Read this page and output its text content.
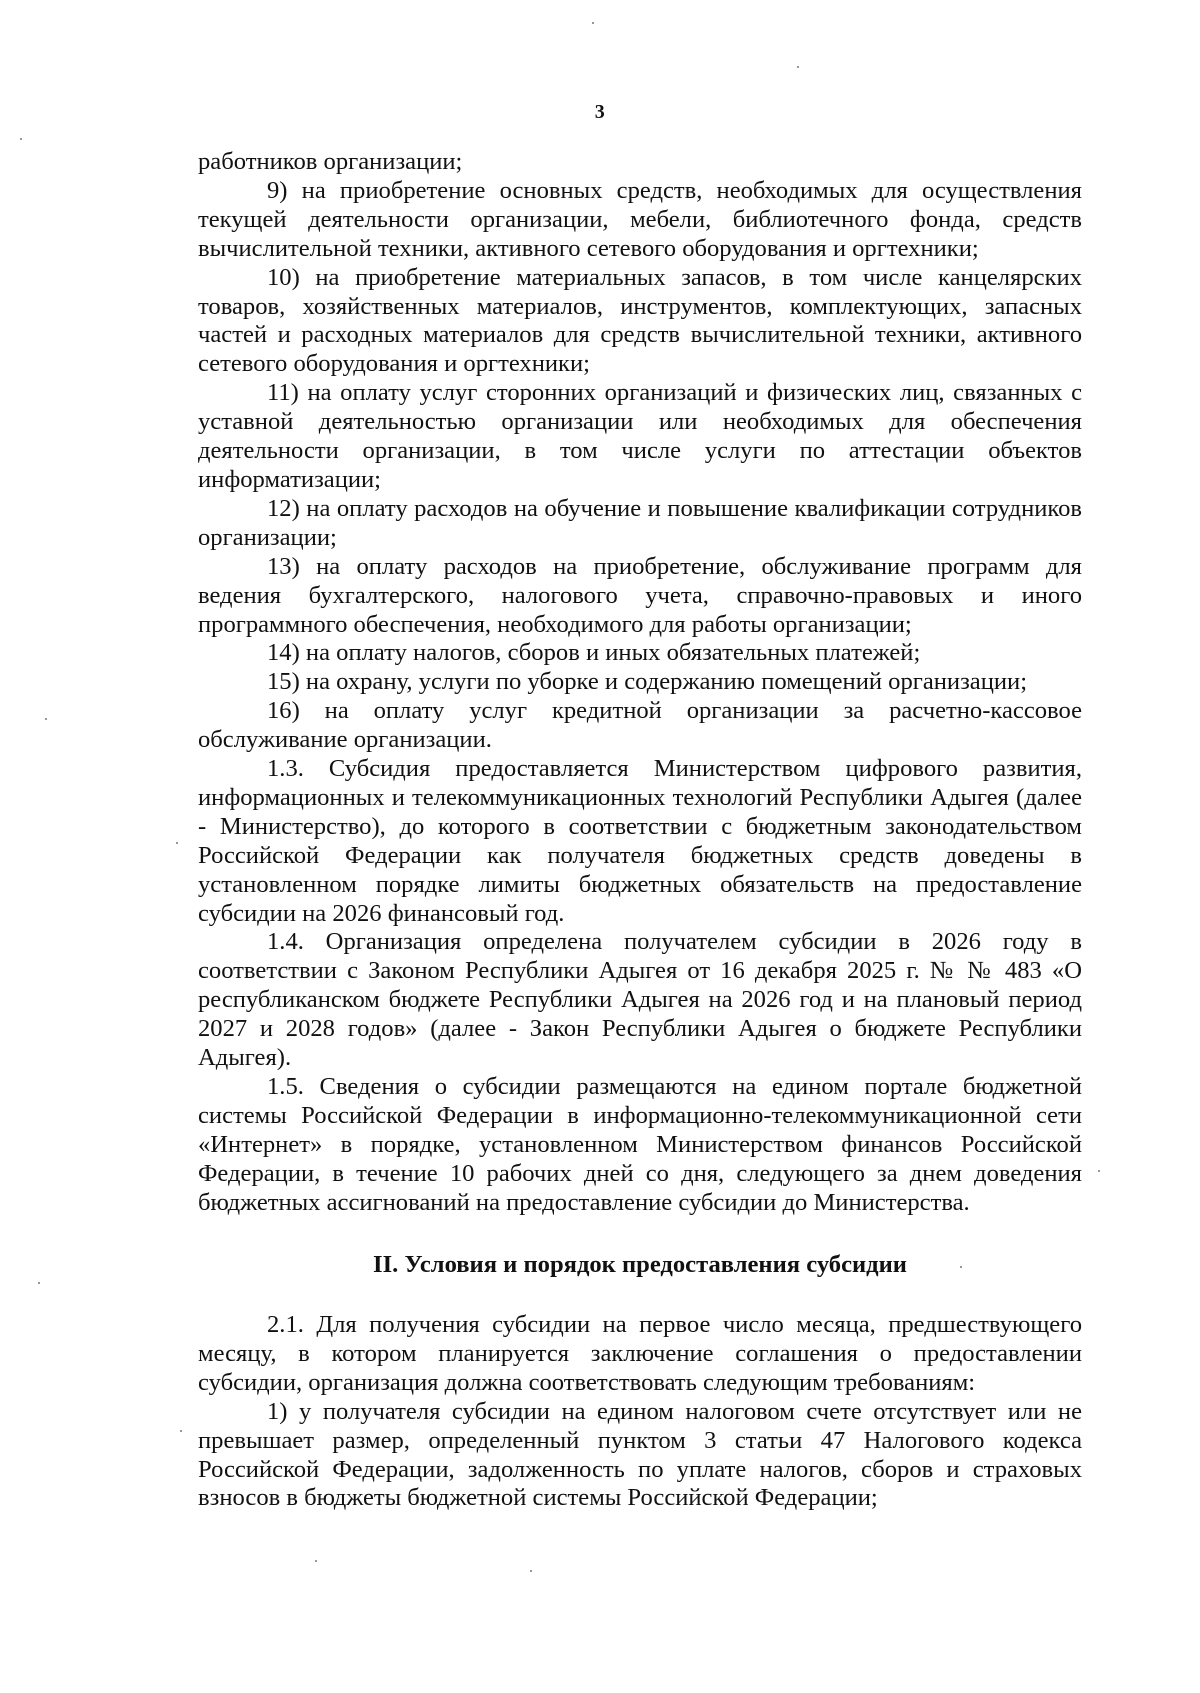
3

работников организации;

9) на приобретение основных средств, необходимых для осуществления текущей деятельности организации, мебели, библиотечного фонда, средств вычислительной техники, активного сетевого оборудования и оргтехники;

10) на приобретение материальных запасов, в том числе канцелярских товаров, хозяйственных материалов, инструментов, комплектующих, запасных частей и расходных материалов для средств вычислительной техники, активного сетевого оборудования и оргтехники;

11) на оплату услуг сторонних организаций и физических лиц, связанных с уставной деятельностью организации или необходимых для обеспечения деятельности организации, в том числе услуги по аттестации объектов информатизации;

12) на оплату расходов на обучение и повышение квалификации сотрудников организации;

13) на оплату расходов на приобретение, обслуживание программ для ведения бухгалтерского, налогового учета, справочно-правовых и иного программного обеспечения, необходимого для работы организации;

14) на оплату налогов, сборов и иных обязательных платежей;

15) на охрану, услуги по уборке и содержанию помещений организации;

16) на оплату услуг кредитной организации за расчетно-кассовое обслуживание организации.

1.3. Субсидия предоставляется Министерством цифрового развития, информационных и телекоммуникационных технологий Республики Адыгея (далее - Министерство), до которого в соответствии с бюджетным законодательством Российской Федерации как получателя бюджетных средств доведены в установленном порядке лимиты бюджетных обязательств на предоставление субсидии на 2026 финансовый год.

1.4. Организация определена получателем субсидии в 2026 году в соответствии с Законом Республики Адыгея от 16 декабря 2025 г. № № 483 «О республиканском бюджете Республики Адыгея на 2026 год и на плановый период 2027 и 2028 годов» (далее - Закон Республики Адыгея о бюджете Республики Адыгея).

1.5. Сведения о субсидии размещаются на едином портале бюджетной системы Российской Федерации в информационно-телекоммуникационной сети «Интернет» в порядке, установленном Министерством финансов Российской Федерации, в течение 10 рабочих дней со дня, следующего за днем доведения бюджетных ассигнований на предоставление субсидии до Министерства.

II. Условия и порядок предоставления субсидии

2.1. Для получения субсидии на первое число месяца, предшествующего месяцу, в котором планируется заключение соглашения о предоставлении субсидии, организация должна соответствовать следующим требованиям:

1) у получателя субсидии на едином налоговом счете отсутствует или не превышает размер, определенный пунктом 3 статьи 47 Налогового кодекса Российской Федерации, задолженность по уплате налогов, сборов и страховых взносов в бюджеты бюджетной системы Российской Федерации;
